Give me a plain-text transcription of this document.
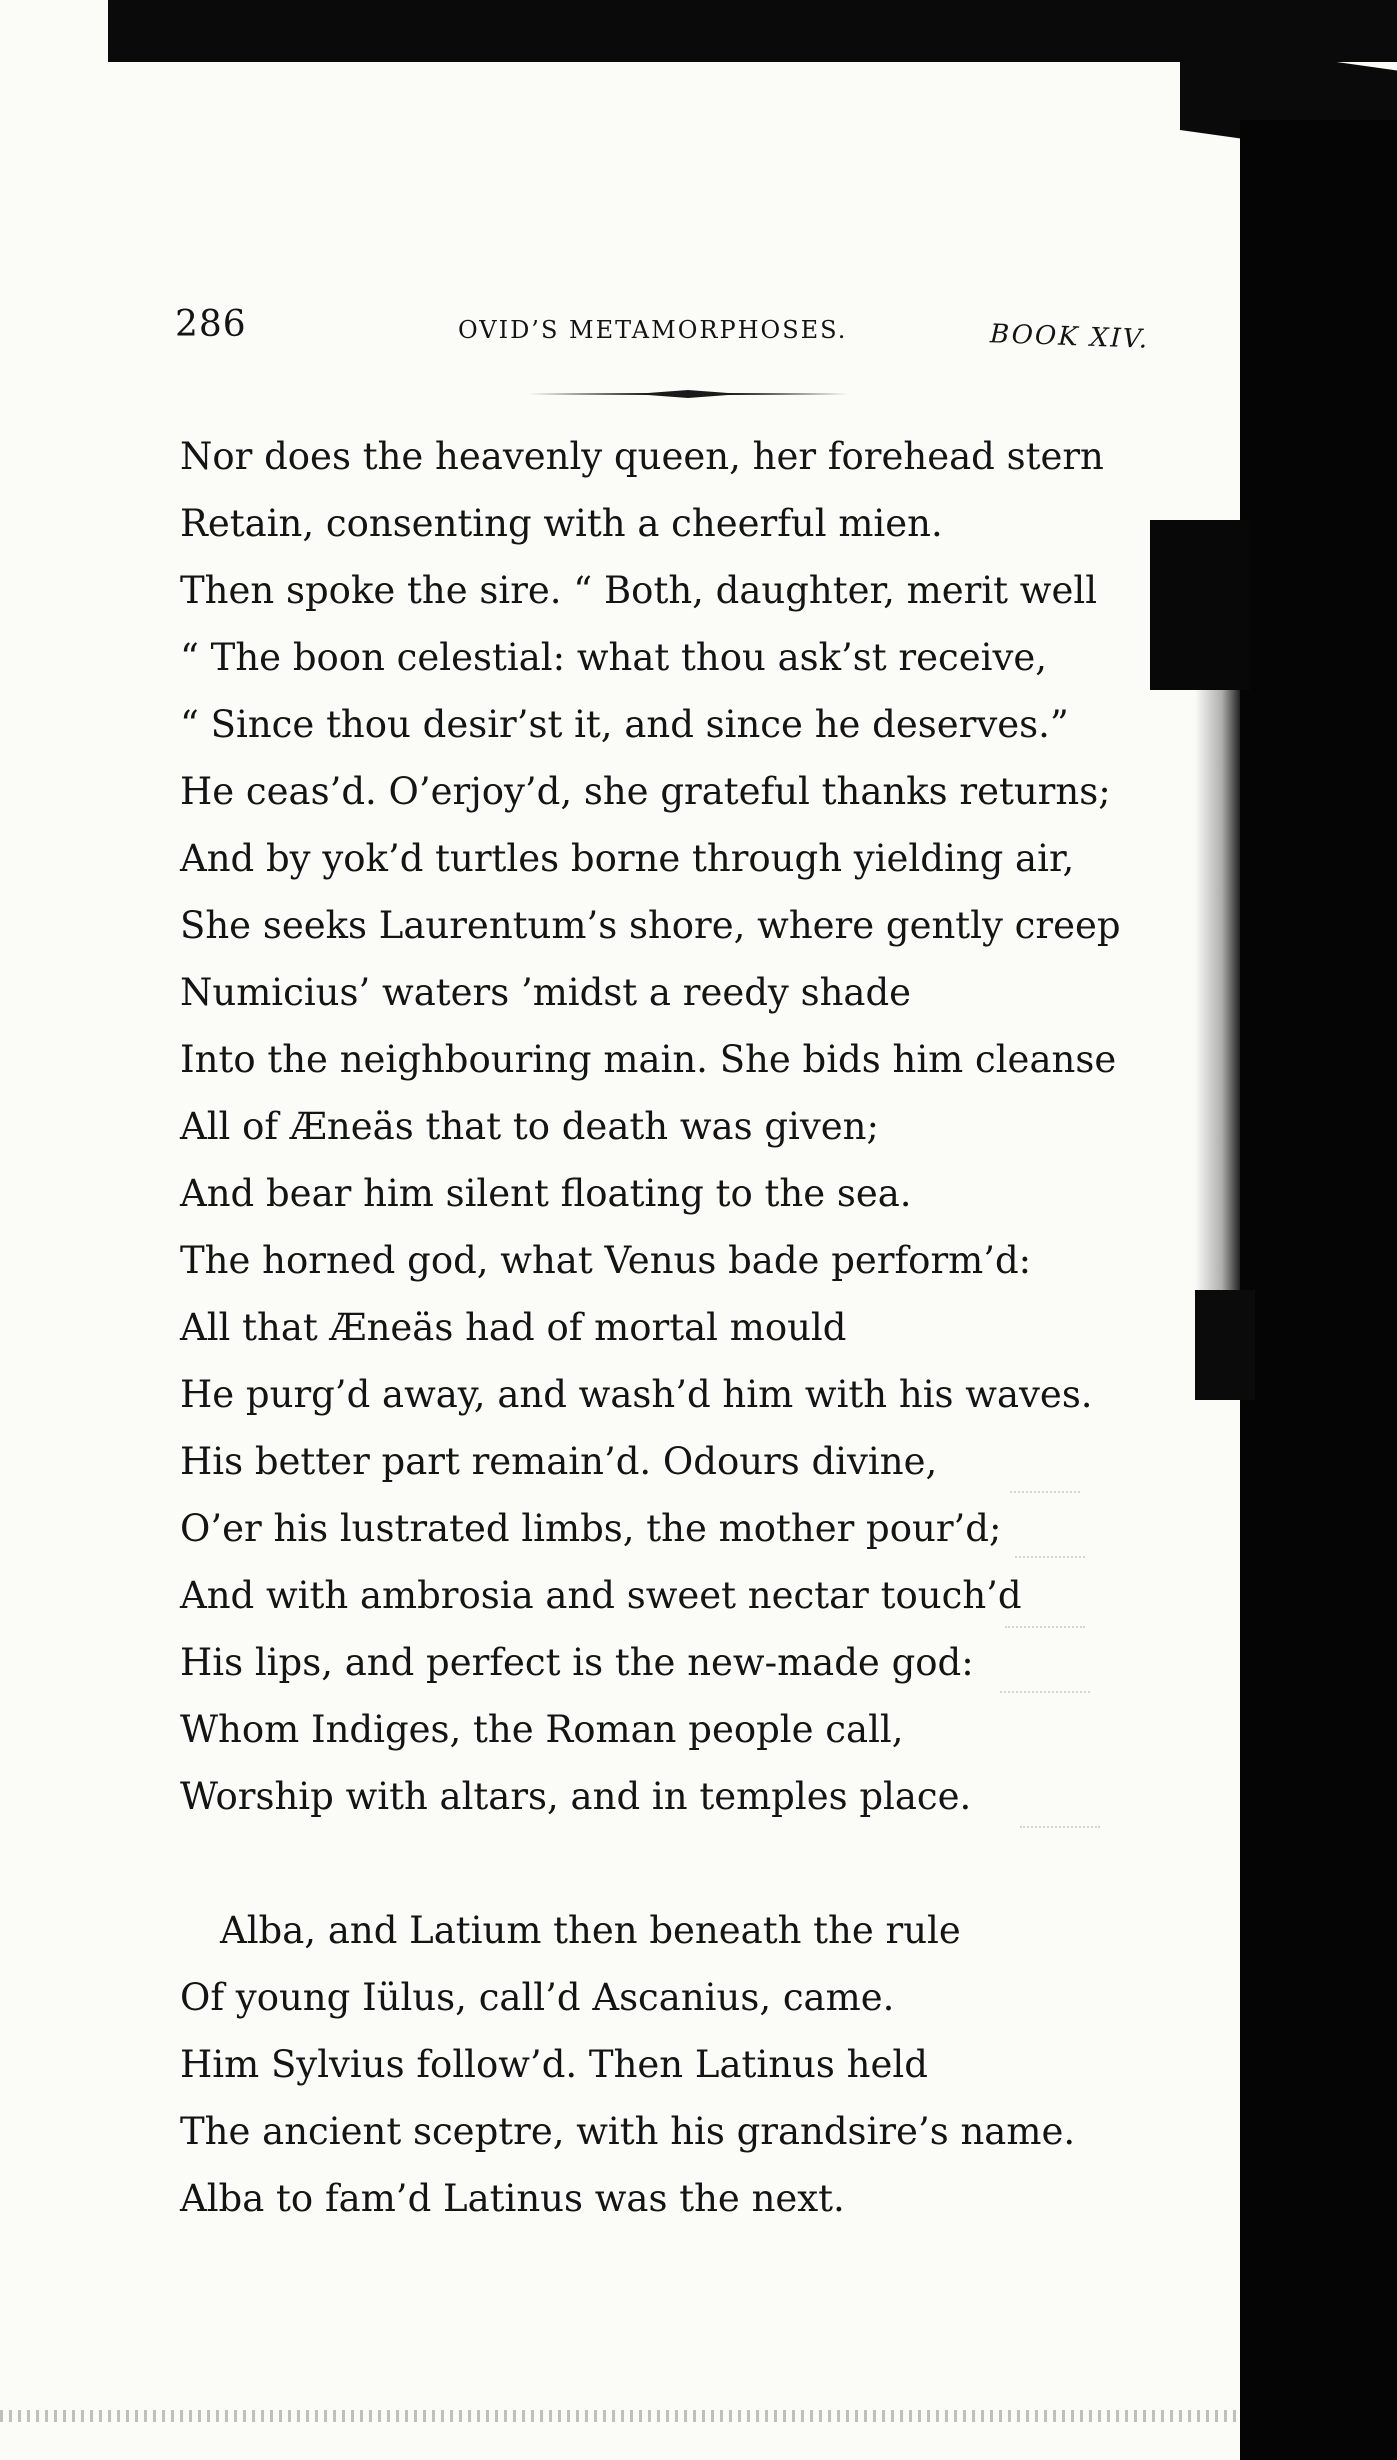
286	OVID’S METAMORPHOSES.	BOOK XIV.
Nor does the heavenly queen, her forehead stern
Retain, consenting with a cheerful mien.
Then spoke the sire. “ Both, daughter, merit well
“ The boon celestial: what thou ask’st receive,
“ Since thou desir’st it, and since he deserves.”
He ceas’d. O’erjoy’d, she grateful thanks returns;
And by yok’d turtles borne through yielding air,
She seeks Laurentum’s shore, where gently creep
Numicius’ waters ’midst a reedy shade
Into the neighbouring main. She bids him cleanse
All of Æneäs that to death was given;
And bear him silent floating to the sea.
The horned god, what Venus bade perform’d:
All that Æneäs had of mortal mould
He purg’d away, and wash’d him with his waves.
His better part remain’d. Odours divine,
O’er his lustrated limbs, the mother pour’d;
And with ambrosia and sweet nectar touch’d
His lips, and perfect is the new-made god:
Whom Indiges, the Roman people call,
Worship with altars, and in temples place.
Alba, and Latium then beneath the rule
Of young Iülus, call’d Ascanius, came.
Him Sylvius follow’d. Then Latinus held
The ancient sceptre, with his grandsire’s name.
Alba to fam’d Latinus was the next.
